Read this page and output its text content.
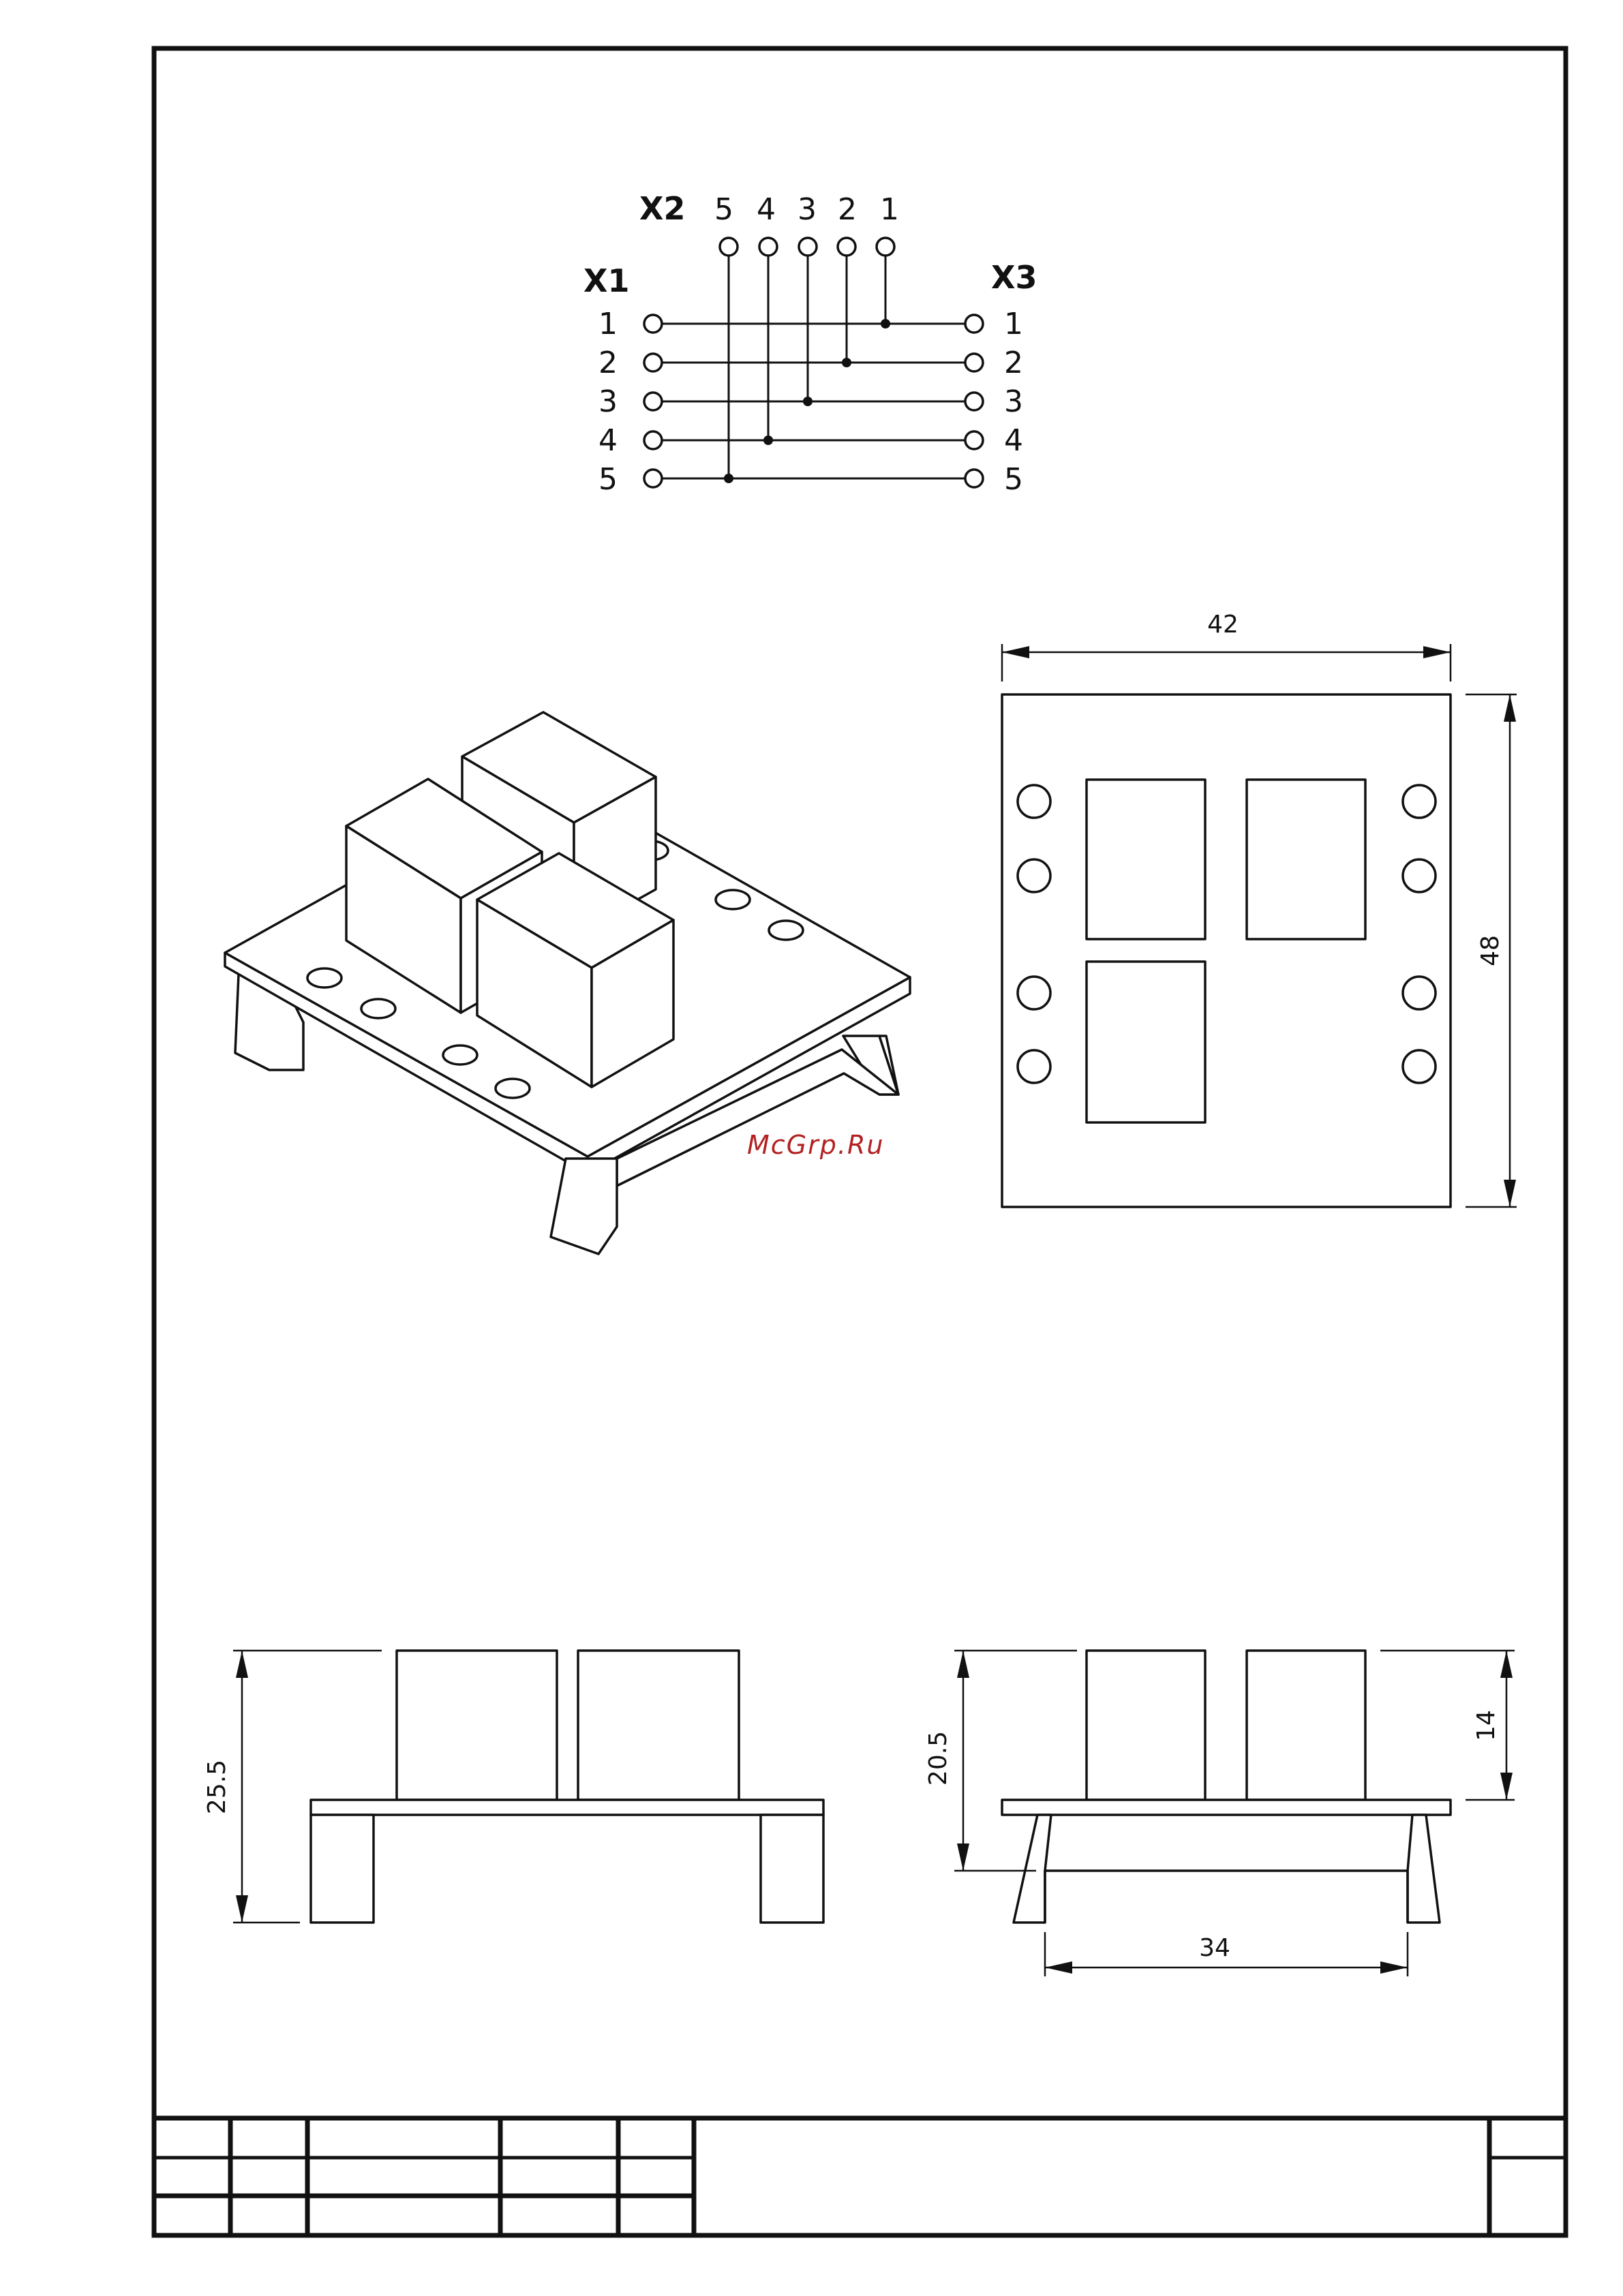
X2
X1	X3
5 4 3 2 1
1
2
3
4
5
1
2
3
4
5
McGrp.Ru
42
48
25.5
20.5
14
34
